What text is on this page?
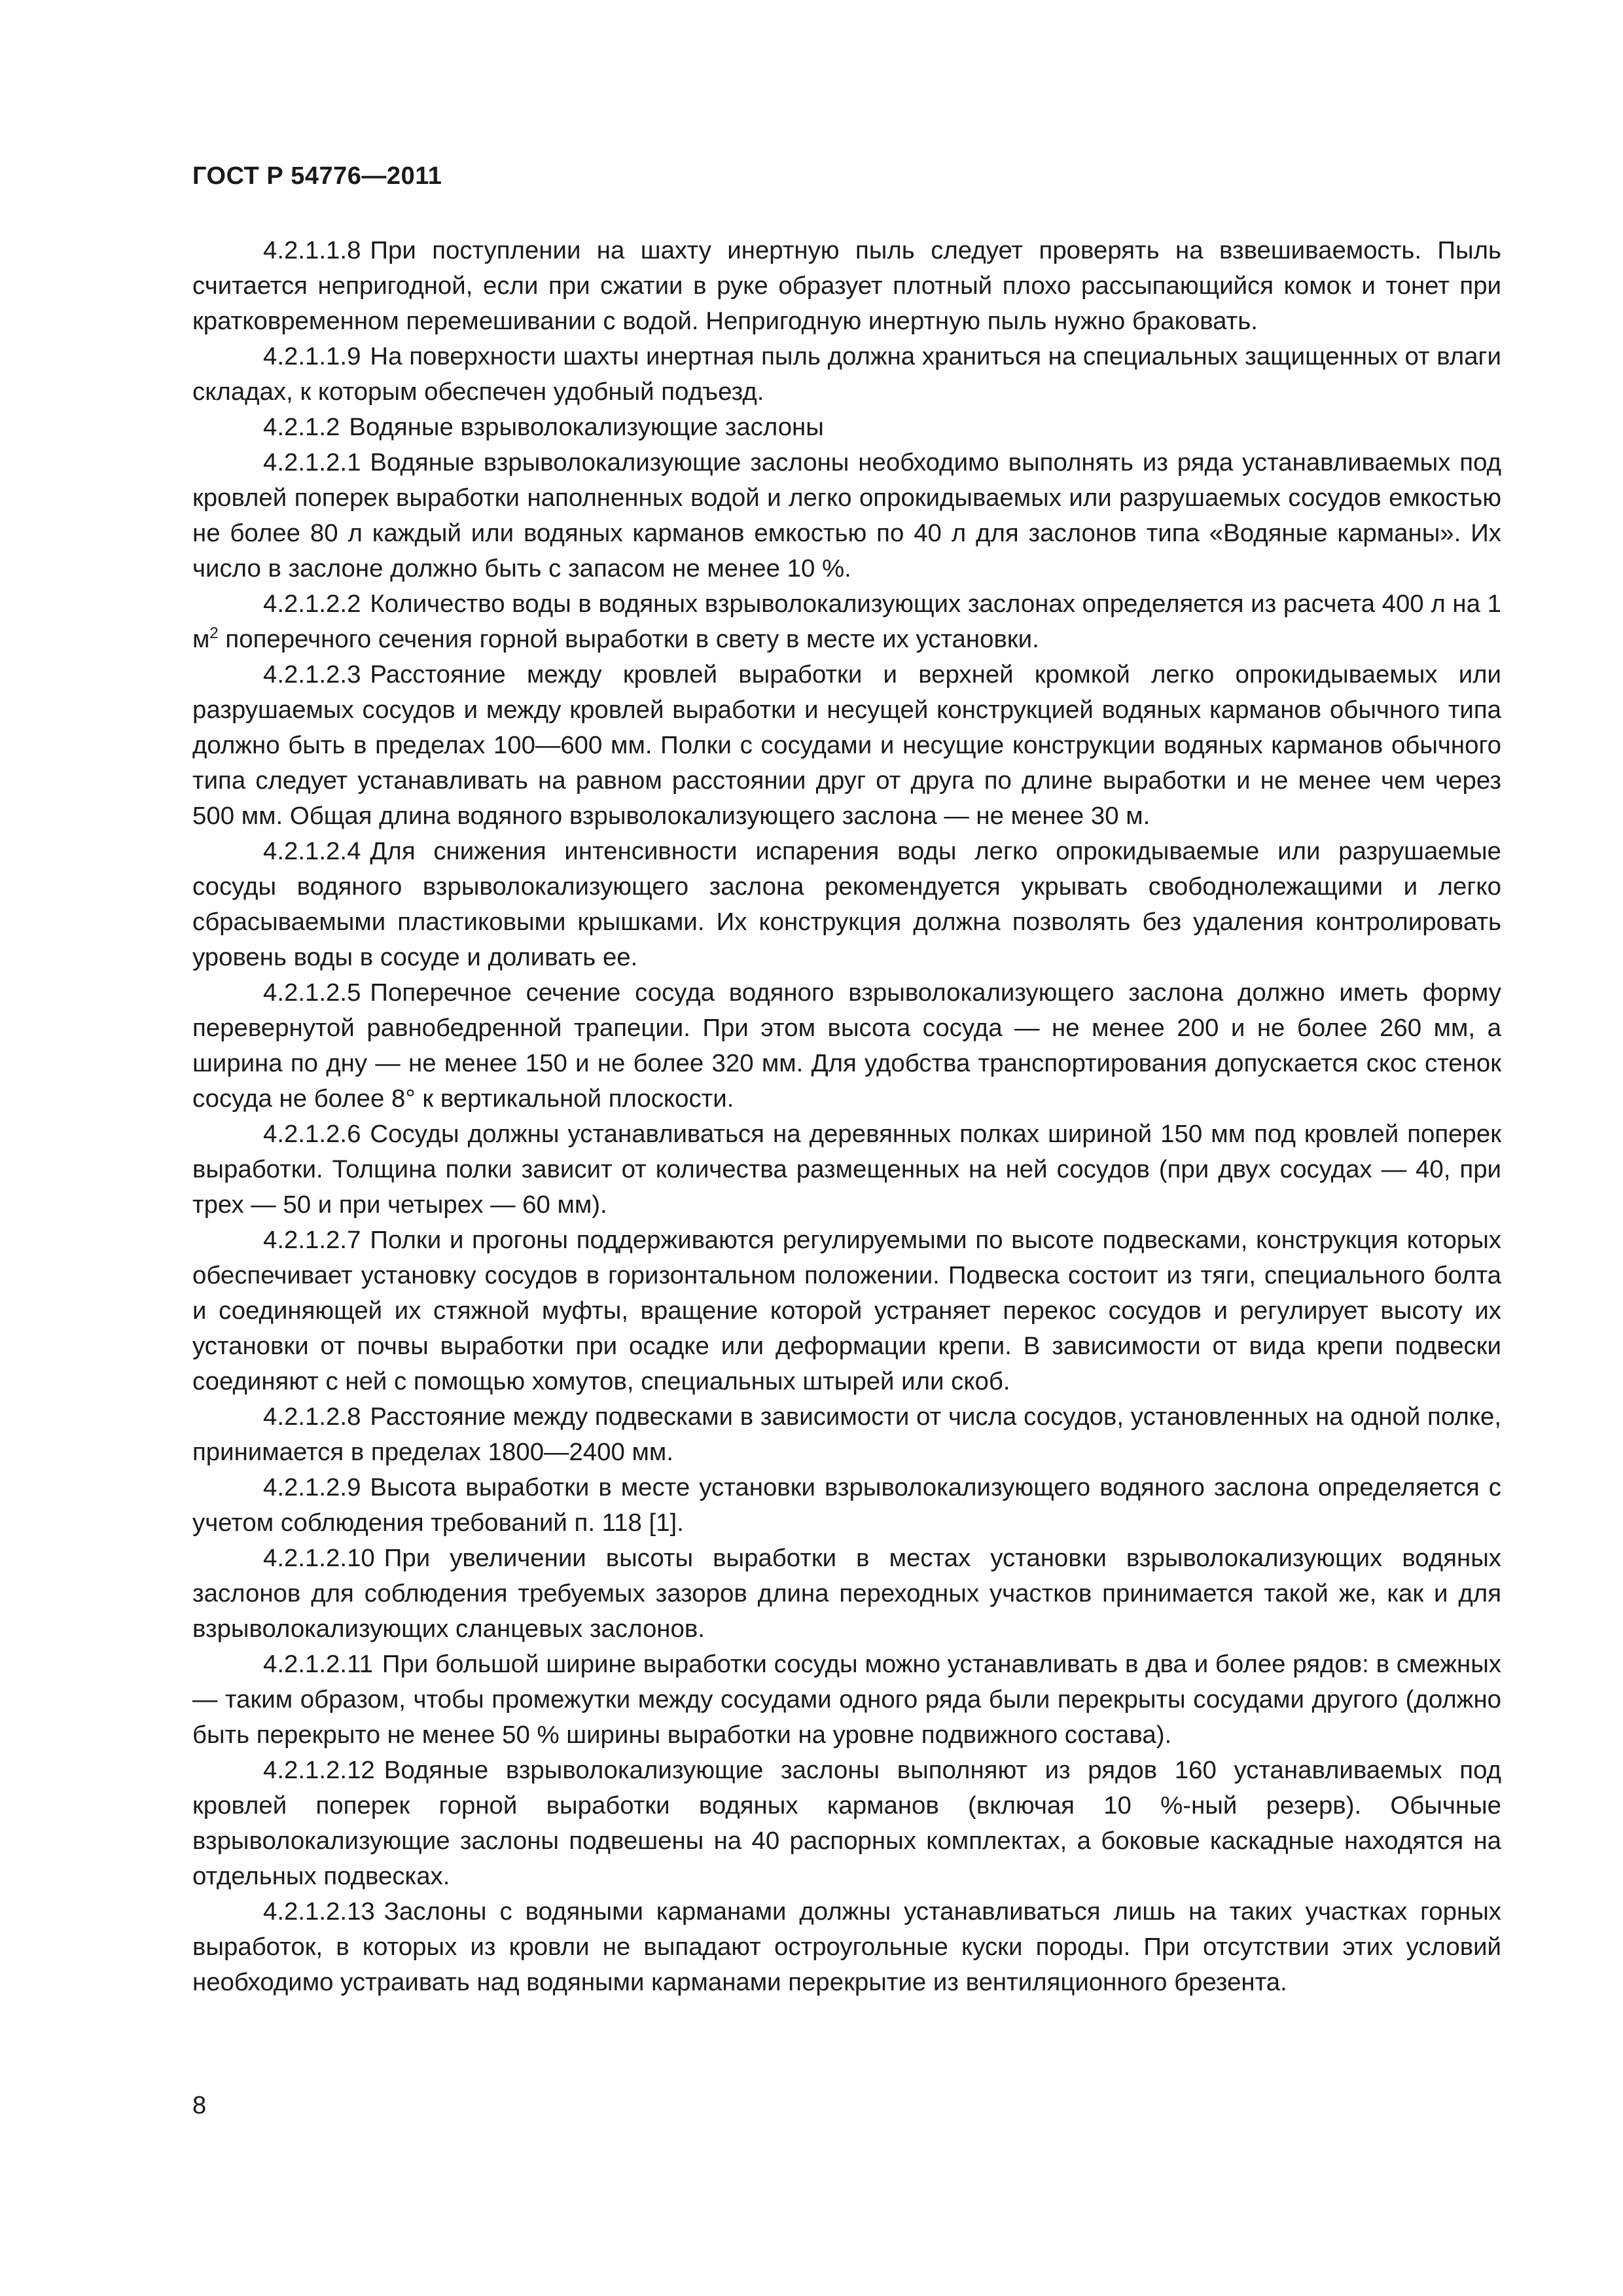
ГОСТ Р 54776—2011

4.2.1.1.8 При поступлении на шахту инертную пыль следует проверять на взвешиваемость. Пыль считается непригодной, если при сжатии в руке образует плотный плохо рассыпающийся комок и тонет при кратковременном перемешивании с водой. Непригодную инертную пыль нужно браковать.

4.2.1.1.9 На поверхности шахты инертная пыль должна храниться на специальных защищенных от влаги складах, к которым обеспечен удобный подъезд.

4.2.1.2 Водяные взрыволокализующие заслоны

4.2.1.2.1 Водяные взрыволокализующие заслоны необходимо выполнять из ряда устанавливаемых под кровлей поперек выработки наполненных водой и легко опрокидываемых или разрушаемых сосудов емкостью не более 80 л каждый или водяных карманов емкостью по 40 л для заслонов типа «Водяные карманы». Их число в заслоне должно быть с запасом не менее 10 %.

4.2.1.2.2 Количество воды в водяных взрыволокализующих заслонах определяется из расчета 400 л на 1 $м^2$ поперечного сечения горной выработки в свету в месте их установки.

4.2.1.2.3 Расстояние между кровлей выработки и верхней кромкой легко опрокидываемых или разрушаемых сосудов и между кровлей выработки и несущей конструкцией водяных карманов обычного типа должно быть в пределах 100—600 мм. Полки с сосудами и несущие конструкции водяных карманов обычного типа следует устанавливать на равном расстоянии друг от друга по длине выработки и не менее чем через 500 мм. Общая длина водяного взрыволокализующего заслона — не менее 30 м.

4.2.1.2.4 Для снижения интенсивности испарения воды легко опрокидываемые или разрушаемые сосуды водяного взрыволокализующего заслона рекомендуется укрывать свободнолежащими и легко сбрасываемыми пластиковыми крышками. Их конструкция должна позволять без удаления контролировать уровень воды в сосуде и доливать ее.

4.2.1.2.5 Поперечное сечение сосуда водяного взрыволокализующего заслона должно иметь форму перевернутой равнобедренной трапеции. При этом высота сосуда — не менее 200 и не более 260 мм, а ширина по дну — не менее 150 и не более 320 мм. Для удобства транспортирования допускается скос стенок сосуда не более 8° к вертикальной плоскости.

4.2.1.2.6 Сосуды должны устанавливаться на деревянных полках шириной 150 мм под кровлей поперек выработки. Толщина полки зависит от количества размещенных на ней сосудов (при двух сосудах — 40, при трех — 50 и при четырех — 60 мм).

4.2.1.2.7 Полки и прогоны поддерживаются регулируемыми по высоте подвесками, конструкция которых обеспечивает установку сосудов в горизонтальном положении. Подвеска состоит из тяги, специального болта и соединяющей их стяжной муфты, вращение которой устраняет перекос сосудов и регулирует высоту их установки от почвы выработки при осадке или деформации крепи. В зависимости от вида крепи подвески соединяют с ней с помощью хомутов, специальных штырей или скоб.

4.2.1.2.8 Расстояние между подвесками в зависимости от числа сосудов, установленных на одной полке, принимается в пределах 1800—2400 мм.

4.2.1.2.9 Высота выработки в месте установки взрыволокализующего водяного заслона определяется с учетом соблюдения требований п. 118 [1].

4.2.1.2.10 При увеличении высоты выработки в местах установки взрыволокализующих водяных заслонов для соблюдения требуемых зазоров длина переходных участков принимается такой же, как и для взрыволокализующих сланцевых заслонов.

4.2.1.2.11 При большой ширине выработки сосуды можно устанавливать в два и более рядов: в смежных — таким образом, чтобы промежутки между сосудами одного ряда были перекрыты сосудами другого (должно быть перекрыто не менее 50 % ширины выработки на уровне подвижного состава).

4.2.1.2.12 Водяные взрыволокализующие заслоны выполняют из рядов 160 устанавливаемых под кровлей поперек горной выработки водяных карманов (включая 10 %-ный резерв). Обычные взрыволокализующие заслоны подвешены на 40 распорных комплектах, а боковые каскадные находятся на отдельных подвесках.

4.2.1.2.13 Заслоны с водяными карманами должны устанавливаться лишь на таких участках горных выработок, в которых из кровли не выпадают остроугольные куски породы. При отсутствии этих условий необходимо устраивать над водяными карманами перекрытие из вентиляционного брезента.

8
